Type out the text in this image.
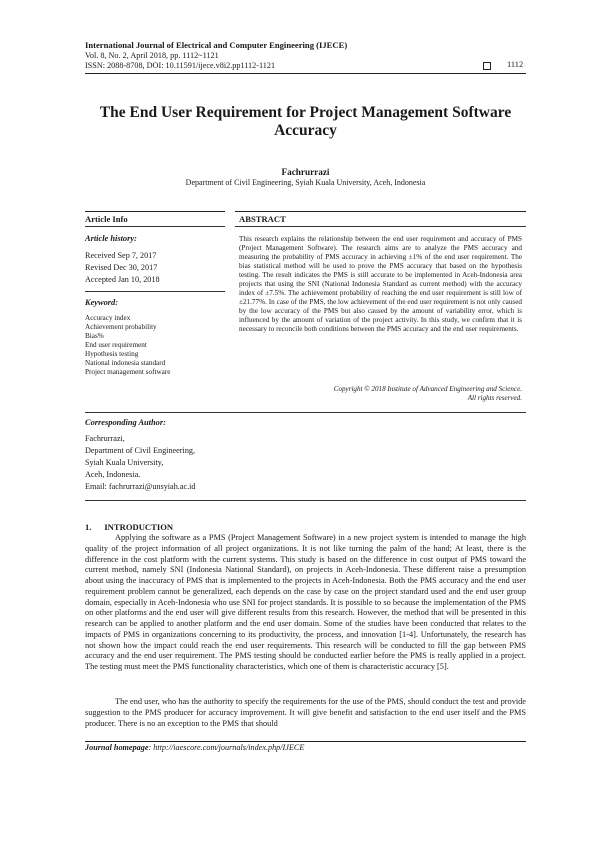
International Journal of Electrical and Computer Engineering (IJECE)
Vol. 8, No. 2, April 2018, pp. 1112~1121
ISSN: 2088-8708, DOI: 10.11591/ijece.v8i2.pp1112-1121	1112
The End User Requirement for Project Management Software Accuracy
Fachrurrazi
Department of Civil Engineering, Syiah Kuala University, Aceh, Indonesia
Article Info	ABSTRACT
Article history:
Received Sep 7, 2017
Revised Dec 30, 2017
Accepted Jan 10, 2018
Keyword:
Accuracy index
Achievement probability
Bias%
End user requirement
Hypothesis testing
National indonesia standard
Project management software
This research explains the relationship between the end user requirement and accuracy of PMS (Project Management Software). The research aims are to analyze the PMS accuracy and measuring the probability of PMS accuracy in achieving ±1% of the end user requirement. The bias statistical method will be used to prove the PMS accuracy that based on the hypothesis testing. The result indicates the PMS is still accurate to be implemented in Aceh-Indonesia area projects that using the SNI (National Indonesia Standard as current method) with the accuracy index of ±7.5%. The achievement probability of reaching the end user requirement is still low of ±21.77%. In case of the PMS, the low achievement of the end user requirement is not only caused by the low accuracy of the PMS but also caused by the amount of variability error, which is influenced by the amount of variation of the project activity. In this study, we confirm that it is necessary to reconcile both conditions between the PMS accuracy and the end user requirements.
Copyright © 2018 Institute of Advanced Engineering and Science.
All rights reserved.
Corresponding Author:
Fachrurrazi,
Department of Civil Engineering,
Syiah Kuala University,
Aceh, Indonesia.
Email: fachrurrazi@unsyiah.ac.id
1.      INTRODUCTION

Applying the software as a PMS (Project Management Software) in a new project system is intended to manage the high quality of the project information of all project organizations. It is not like turning the palm of the hand; At least, there is the difference in the cost platform with the current systems. This study is based on the difference in cost output of PMS toward the current method, namely SNI (Indonesia National Standard), on projects in Aceh-Indonesia. These different raise a presumption about using the inaccuracy of PMS that is implemented to the projects in Aceh-Indonesia. Both the PMS accuracy and the end user requirement problem cannot be generalized, each depends on the case by case on the project standard used and the end user group domain, especially in Aceh-Indonesia who use SNI for project standards. It is possible to so because the implementation of the PMS on other platforms and the end user will give different results from this research. However, the method that will be presented in this research can be applied to another platform and the end user domain. Some of the studies have been conducted that relates to the impacts of PMS in organizations concerning to its productivity, the process, and innovation [1-4]. Unfortunately, the research has not shown how the impact could reach the end user requirements. This research will be conducted to fill the gap between PMS accuracy and the end user requirement. The PMS testing should be conducted earlier before the PMS is really applied in a project. The testing must meet the PMS functionality characteristics, which one of them is characteristic accuracy [5].

The end user, who has the authority to specify the requirements for the use of the PMS, should conduct the test and provide suggestion to the PMS producer for accuracy improvement. It will give benefit and satisfaction to the end user itself and the PMS producer. There is no an exception to the PMS that should

Journal homepage: http://iaescore.com/journals/index.php/IJECE
